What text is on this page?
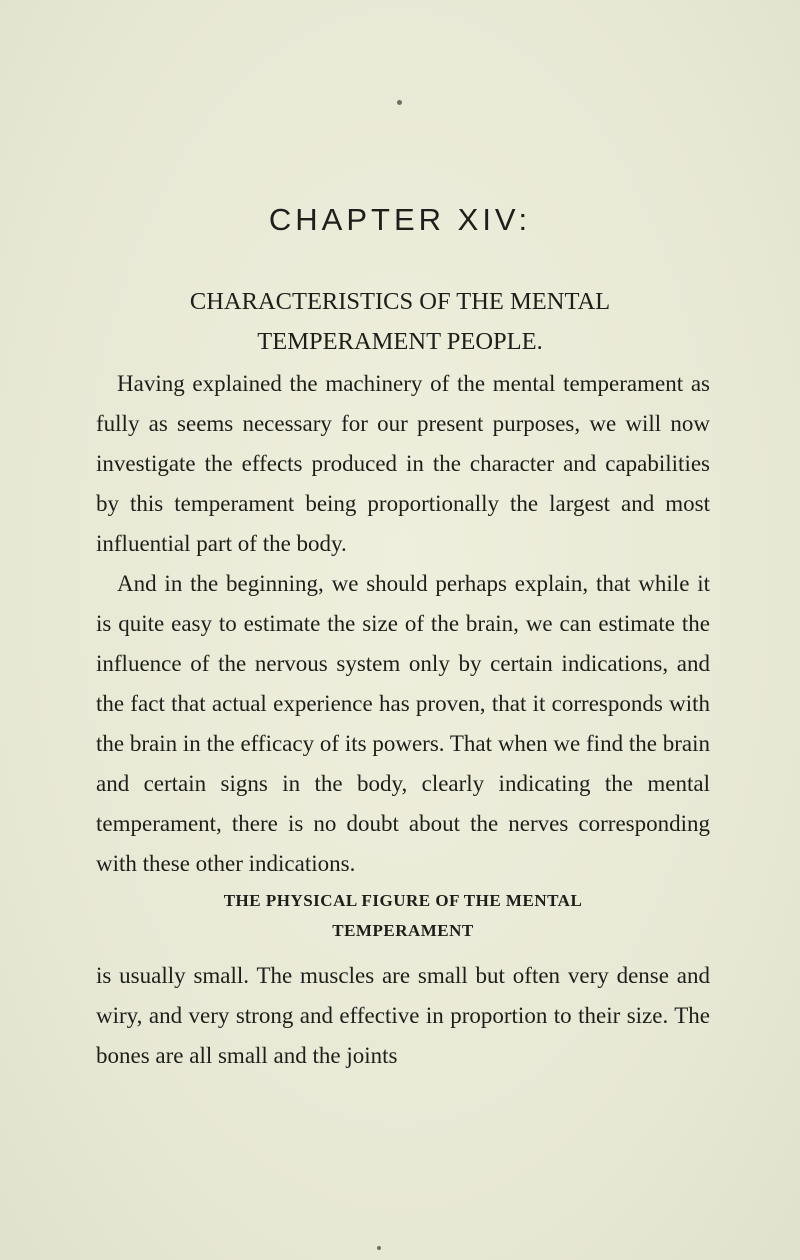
CHAPTER XIV:
CHARACTERISTICS OF THE MENTAL
TEMPERAMENT PEOPLE.

Having explained the machinery of the mental temperament as fully as seems necessary for our present purposes, we will now investigate the effects produced in the character and capabilities by this temperament being proportionally the largest and most influential part of the body.

And in the beginning, we should perhaps explain, that while it is quite easy to estimate the size of the brain, we can estimate the influence of the nervous system only by certain indications, and the fact that actual experience has proven, that it corresponds with the brain in the efficacy of its powers. That when we find the brain and certain signs in the body, clearly indicating the mental temperament, there is no doubt about the nerves corresponding with these other indications.

THE PHYSICAL FIGURE OF THE MENTAL
TEMPERAMENT

is usually small. The muscles are small but often very dense and wiry, and very strong and effective in proportion to their size. The bones are all small and the joints
